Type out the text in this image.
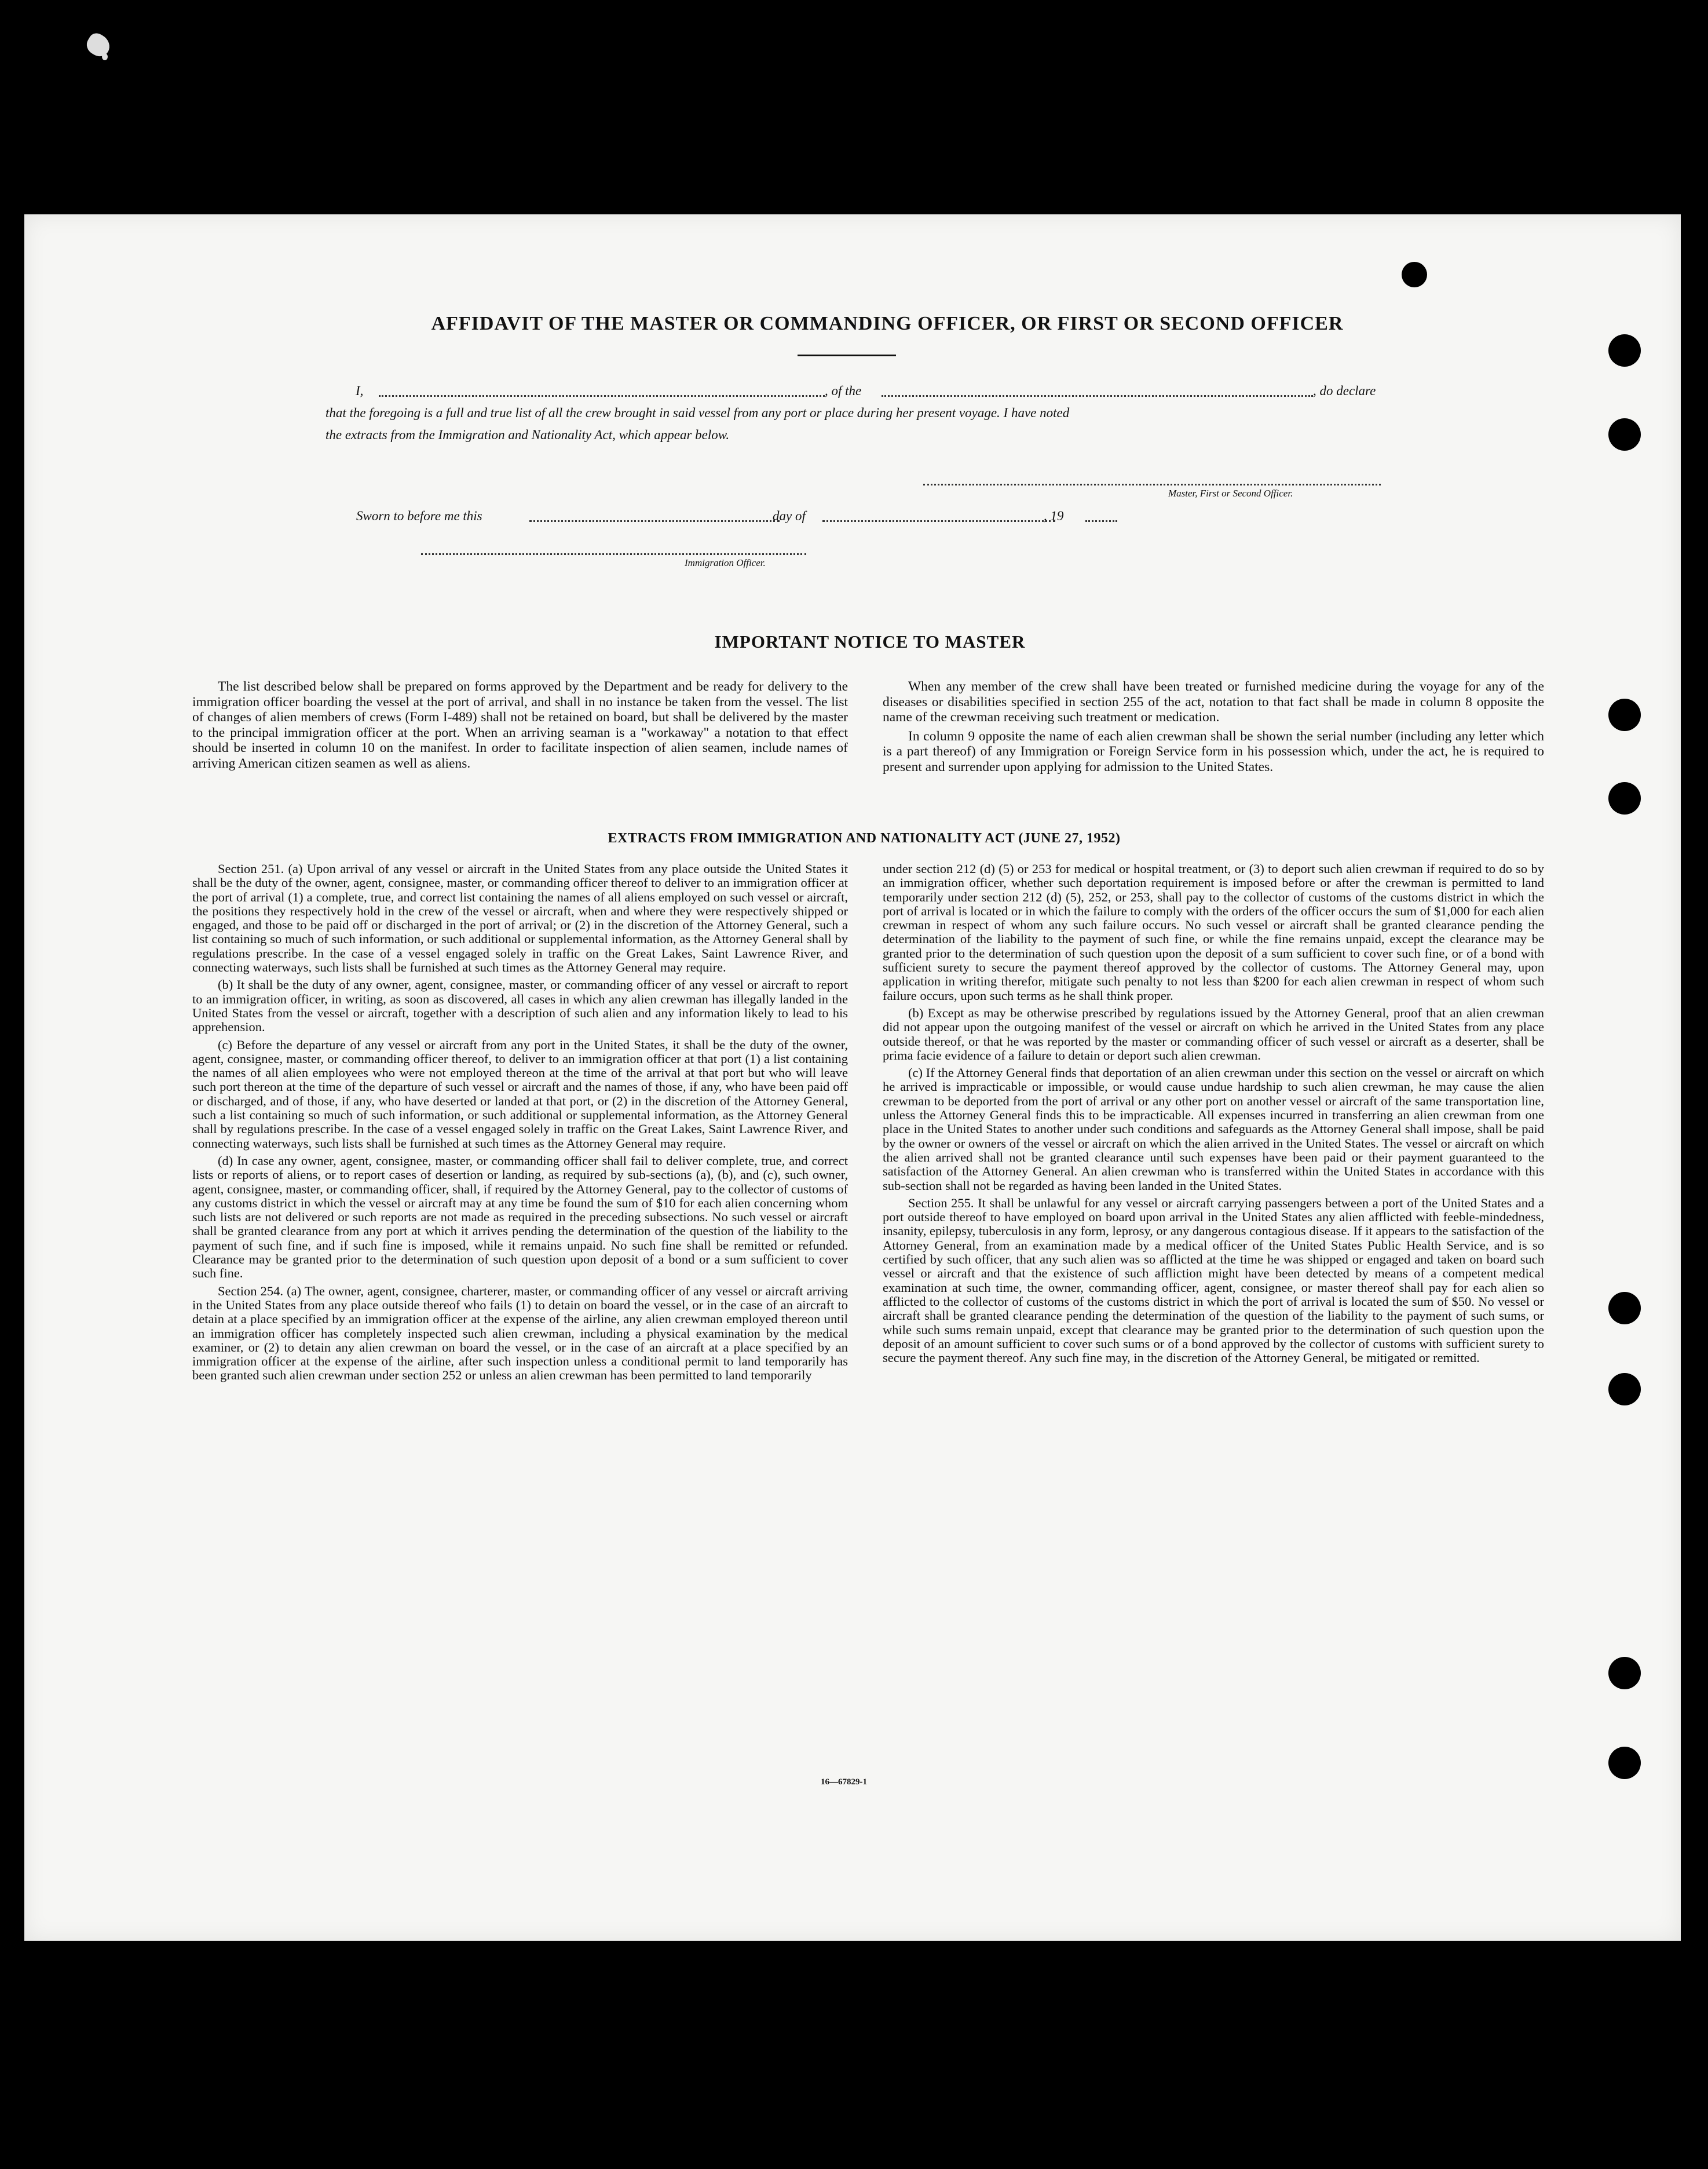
AFFIDAVIT OF THE MASTER OR COMMANDING OFFICER, OR FIRST OR SECOND OFFICER
I,	, of the	, do declare
that the foregoing is a full and true list of all the crew brought in said vessel from any port or place during her present voyage. I have noted
the extracts from the Immigration and Nationality Act, which appear below.
Master, First or Second Officer.
Sworn to before me this	day of	, 19
Immigration Officer.
IMPORTANT NOTICE TO MASTER

The list described below shall be prepared on forms approved by the Department and be ready for delivery to the immigration officer boarding the vessel at the port of arrival, and shall in no instance be taken from the vessel. The list of changes of alien members of crews (Form I-489) shall not be retained on board, but shall be delivered by the master to the principal immigration officer at the port. When an arriving seaman is a "workaway" a notation to that effect should be inserted in column 10 on the manifest. In order to facilitate inspection of alien seamen, include names of arriving American citizen seamen as well as aliens.

When any member of the crew shall have been treated or furnished medicine during the voyage for any of the diseases or disabilities specified in section 255 of the act, notation to that fact shall be made in column 8 opposite the name of the crewman receiving such treatment or medication.

In column 9 opposite the name of each alien crewman shall be shown the serial number (including any letter which is a part thereof) of any Immigration or Foreign Service form in his possession which, under the act, he is required to present and surrender upon applying for admission to the United States.

EXTRACTS FROM IMMIGRATION AND NATIONALITY ACT (JUNE 27, 1952)

Section 251. (a) Upon arrival of any vessel or aircraft in the United States from any place outside the United States it shall be the duty of the owner, agent, consignee, master, or commanding officer thereof to deliver to an immigration officer at the port of arrival (1) a complete, true, and correct list containing the names of all aliens employed on such vessel or aircraft, the positions they respectively hold in the crew of the vessel or aircraft, when and where they were respectively shipped or engaged, and those to be paid off or discharged in the port of arrival; or (2) in the discretion of the Attorney General, such a list containing so much of such information, or such additional or supplemental information, as the Attorney General shall by regulations prescribe. In the case of a vessel engaged solely in traffic on the Great Lakes, Saint Lawrence River, and connecting waterways, such lists shall be furnished at such times as the Attorney General may require.

(b) It shall be the duty of any owner, agent, consignee, master, or commanding officer of any vessel or aircraft to report to an immigration officer, in writing, as soon as discovered, all cases in which any alien crewman has illegally landed in the United States from the vessel or aircraft, together with a description of such alien and any information likely to lead to his apprehension.

(c) Before the departure of any vessel or aircraft from any port in the United States, it shall be the duty of the owner, agent, consignee, master, or commanding officer thereof, to deliver to an immigration officer at that port (1) a list containing the names of all alien employees who were not employed thereon at the time of the arrival at that port but who will leave such port thereon at the time of the departure of such vessel or aircraft and the names of those, if any, who have been paid off or discharged, and of those, if any, who have deserted or landed at that port, or (2) in the discretion of the Attorney General, such a list containing so much of such information, or such additional or supplemental information, as the Attorney General shall by regulations prescribe. In the case of a vessel engaged solely in traffic on the Great Lakes, Saint Lawrence River, and connecting waterways, such lists shall be furnished at such times as the Attorney General may require.

(d) In case any owner, agent, consignee, master, or commanding officer shall fail to deliver complete, true, and correct lists or reports of aliens, or to report cases of desertion or landing, as required by sub-sections (a), (b), and (c), such owner, agent, consignee, master, or commanding officer, shall, if required by the Attorney General, pay to the collector of customs of any customs district in which the vessel or aircraft may at any time be found the sum of $10 for each alien concerning whom such lists are not delivered or such reports are not made as required in the preceding subsections. No such vessel or aircraft shall be granted clearance from any port at which it arrives pending the determination of the question of the liability to the payment of such fine, and if such fine is imposed, while it remains unpaid. No such fine shall be remitted or refunded. Clearance may be granted prior to the determination of such question upon deposit of a bond or a sum sufficient to cover such fine.

Section 254. (a) The owner, agent, consignee, charterer, master, or commanding officer of any vessel or aircraft arriving in the United States from any place outside thereof who fails (1) to detain on board the vessel, or in the case of an aircraft to detain at a place specified by an immigration officer at the expense of the airline, any alien crewman employed thereon until an immigration officer has completely inspected such alien crewman, including a physical examination by the medical examiner, or (2) to detain any alien crewman on board the vessel, or in the case of an aircraft at a place specified by an immigration officer at the expense of the airline, after such inspection unless a conditional permit to land temporarily has been granted such alien crewman under section 252 or unless an alien crewman has been permitted to land temporarily

under section 212 (d) (5) or 253 for medical or hospital treatment, or (3) to deport such alien crewman if required to do so by an immigration officer, whether such deportation requirement is imposed before or after the crewman is permitted to land temporarily under section 212 (d) (5), 252, or 253, shall pay to the collector of customs of the customs district in which the port of arrival is located or in which the failure to comply with the orders of the officer occurs the sum of $1,000 for each alien crewman in respect of whom any such failure occurs. No such vessel or aircraft shall be granted clearance pending the determination of the liability to the payment of such fine, or while the fine remains unpaid, except the clearance may be granted prior to the determination of such question upon the deposit of a sum sufficient to cover such fine, or of a bond with sufficient surety to secure the payment thereof approved by the collector of customs. The Attorney General may, upon application in writing therefor, mitigate such penalty to not less than $200 for each alien crewman in respect of whom such failure occurs, upon such terms as he shall think proper.

(b) Except as may be otherwise prescribed by regulations issued by the Attorney General, proof that an alien crewman did not appear upon the outgoing manifest of the vessel or aircraft on which he arrived in the United States from any place outside thereof, or that he was reported by the master or commanding officer of such vessel or aircraft as a deserter, shall be prima facie evidence of a failure to detain or deport such alien crewman.

(c) If the Attorney General finds that deportation of an alien crewman under this section on the vessel or aircraft on which he arrived is impracticable or impossible, or would cause undue hardship to such alien crewman, he may cause the alien crewman to be deported from the port of arrival or any other port on another vessel or aircraft of the same transportation line, unless the Attorney General finds this to be impracticable. All expenses incurred in transferring an alien crewman from one place in the United States to another under such conditions and safeguards as the Attorney General shall impose, shall be paid by the owner or owners of the vessel or aircraft on which the alien arrived in the United States. The vessel or aircraft on which the alien arrived shall not be granted clearance until such expenses have been paid or their payment guaranteed to the satisfaction of the Attorney General. An alien crewman who is transferred within the United States in accordance with this sub-section shall not be regarded as having been landed in the United States.

Section 255. It shall be unlawful for any vessel or aircraft carrying passengers between a port of the United States and a port outside thereof to have employed on board upon arrival in the United States any alien afflicted with feeble-mindedness, insanity, epilepsy, tuberculosis in any form, leprosy, or any dangerous contagious disease. If it appears to the satisfaction of the Attorney General, from an examination made by a medical officer of the United States Public Health Service, and is so certified by such officer, that any such alien was so afflicted at the time he was shipped or engaged and taken on board such vessel or aircraft and that the existence of such affliction might have been detected by means of a competent medical examination at such time, the owner, commanding officer, agent, consignee, or master thereof shall pay for each alien so afflicted to the collector of customs of the customs district in which the port of arrival is located the sum of $50. No vessel or aircraft shall be granted clearance pending the determination of the question of the liability to the payment of such sums, or while such sums remain unpaid, except that clearance may be granted prior to the determination of such question upon the deposit of an amount sufficient to cover such sums or of a bond approved by the collector of customs with sufficient surety to secure the payment thereof. Any such fine may, in the discretion of the Attorney General, be mitigated or remitted.

16—67829-1
